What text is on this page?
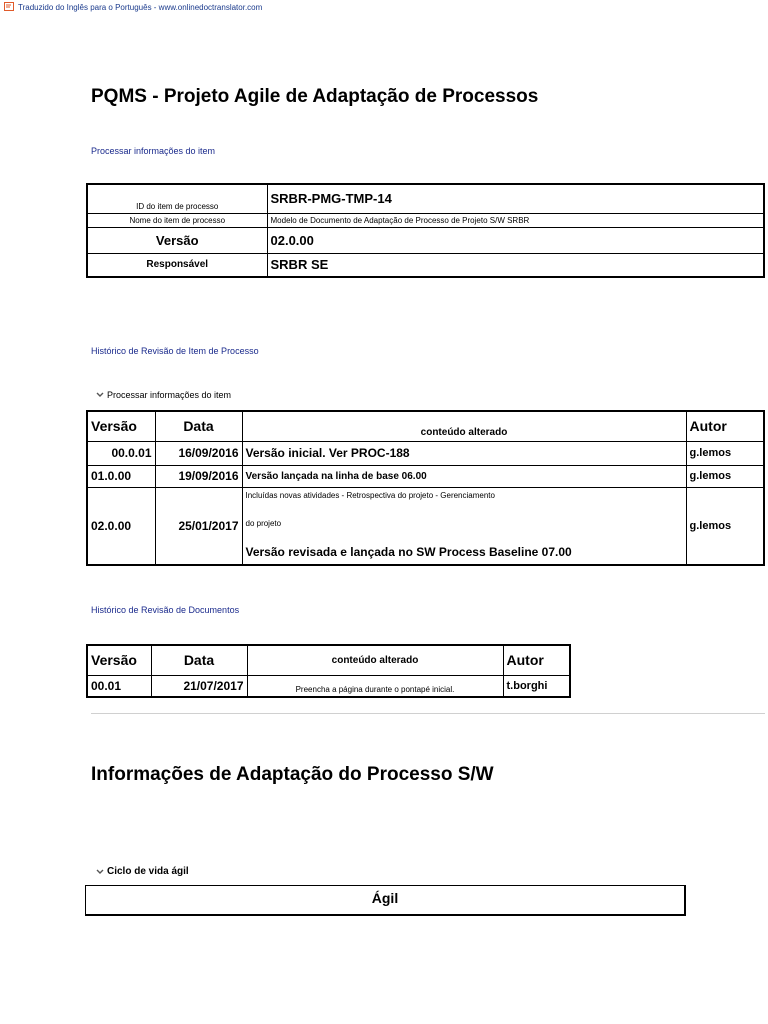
Traduzido do Inglês para o Português - www.onlinedoctranslator.com
PQMS - Projeto Agile de Adaptação de Processos
Processar informações do item
ID do item de processo	SRBR-PMG-TMP-14
Nome do item de processo	Modelo de Documento de Adaptação de Processo de Projeto S/W SRBR
Versão	02.0.00
Responsável	SRBR SE
Histórico de Revisão de Item de Processo
Processar informações do item
Versão	Data	conteúdo alterado	Autor
00.0.01	16/09/2016	Versão inicial. Ver PROC-188	g.lemos
01.0.00	19/09/2016	Versão lançada na linha de base 06.00	g.lemos
02.0.00	25/01/2017	Incluídas novas atividades - Retrospectiva do projeto - Gerenciamento
do projeto
Versão revisada e lançada no SW Process Baseline 07.00	g.lemos
Histórico de Revisão de Documentos
Versão	Data	conteúdo alterado	Autor
00.01	21/07/2017	Preencha a página durante o pontapé inicial.	t.borghi
Informações de Adaptação do Processo S/W
Ciclo de vida ágil
Ágil
